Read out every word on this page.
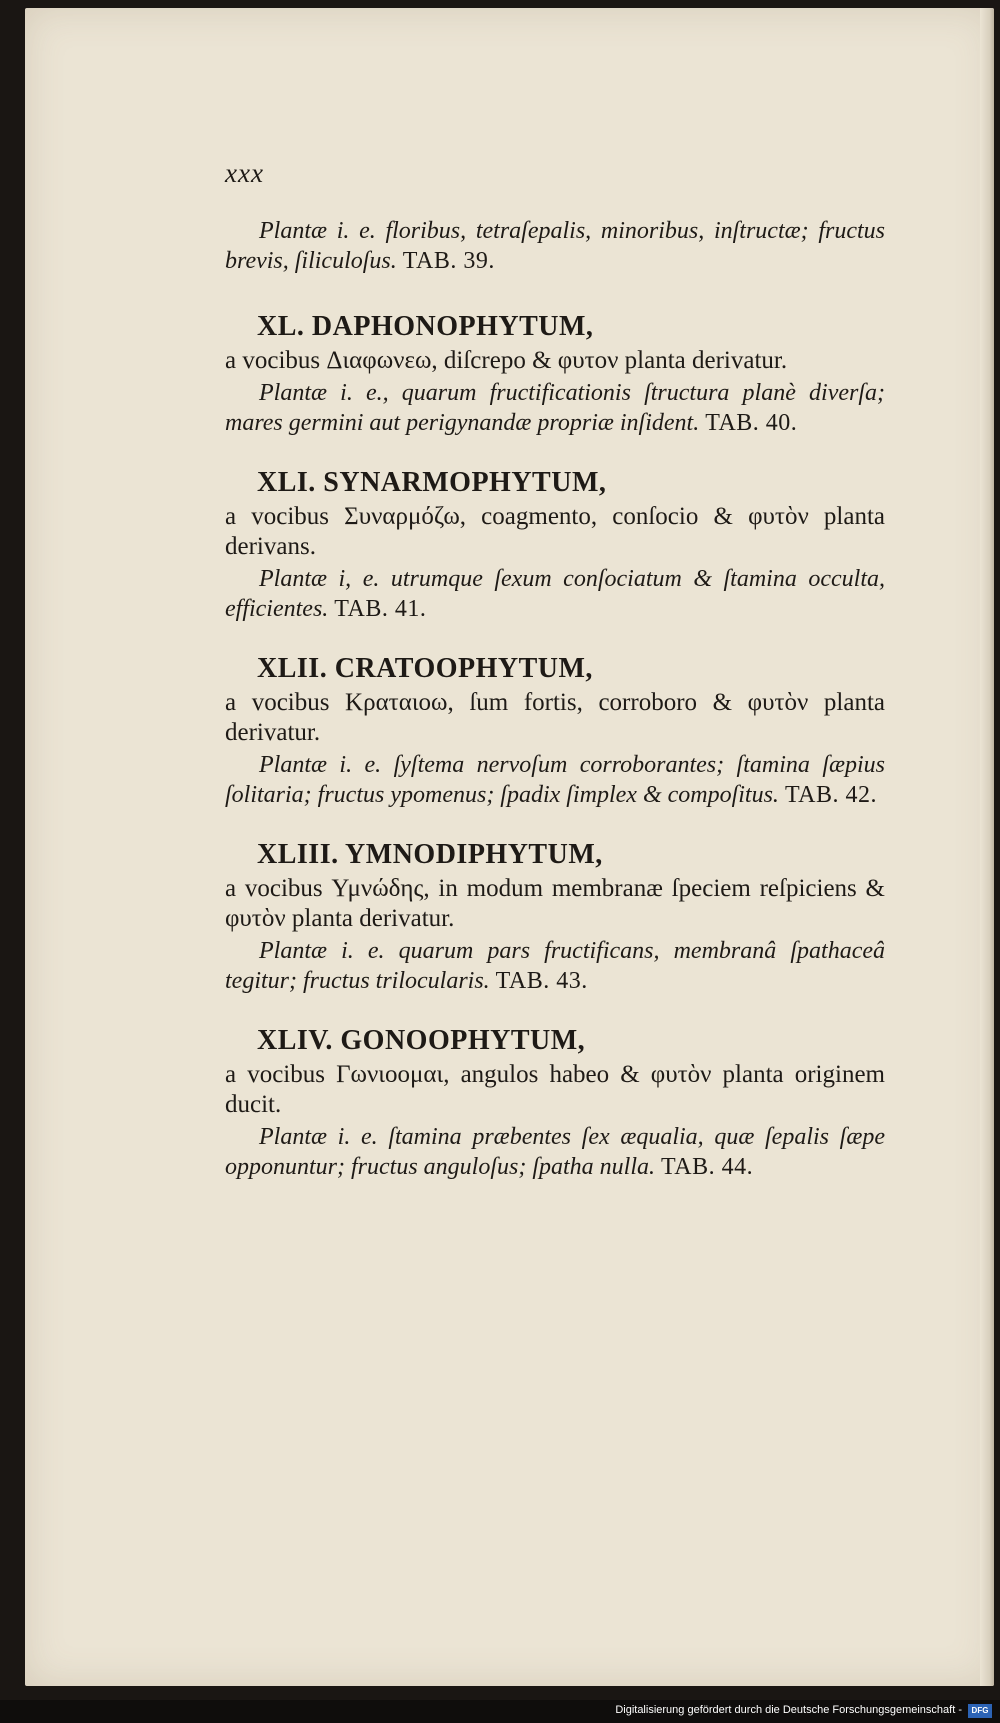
xxx

Plantæ i. e. floribus, tetraſepalis, minoribus, inſtructæ; fructus brevis, ſiliculoſus. TAB. 39.

XL. DAPHONOPHYTUM,

a vocibus Διαφωνεω, diſcrepo & φυτον planta derivatur.

Plantæ i. e., quarum fructificationis ſtructura planè diverſa; mares germini aut perigynandæ propriæ inſident. TAB. 40.

XLI. SYNARMOPHYTUM,

a vocibus Συναρμόζω, coagmento, conſocio & φυτὸν planta derivans.

Plantæ i, e. utrumque ſexum conſociatum & ſtamina occulta, efficientes. TAB. 41.

XLII. CRATOOPHYTUM,

a vocibus Κραταιοω, ſum fortis, corroboro & φυτὸν planta derivatur.

Plantæ i. e. ſyſtema nervoſum corroborantes; ſtamina ſæpius ſolitaria; fructus ypomenus; ſpadix ſimplex & compoſitus. TAB. 42.

XLIII. YMNODIPHYTUM,

a vocibus Υμνώδης, in modum membranæ ſpeciem reſpiciens & φυτὸν planta derivatur.

Plantæ i. e. quarum pars fructificans, membranâ ſpathaceâ tegitur; fructus trilocularis. TAB. 43.

XLIV. GONOOPHYTUM,

a vocibus Γωνιοομαι, angulos habeo & φυτὸν planta originem ducit.

Plantæ i. e. ſtamina præbentes ſex æqualia, quæ ſepalis ſæpe opponuntur; fructus anguloſus; ſpatha nulla. TAB. 44.

Digitalisierung gefördert durch die Deutsche Forschungsgemeinschaft -	DFG
